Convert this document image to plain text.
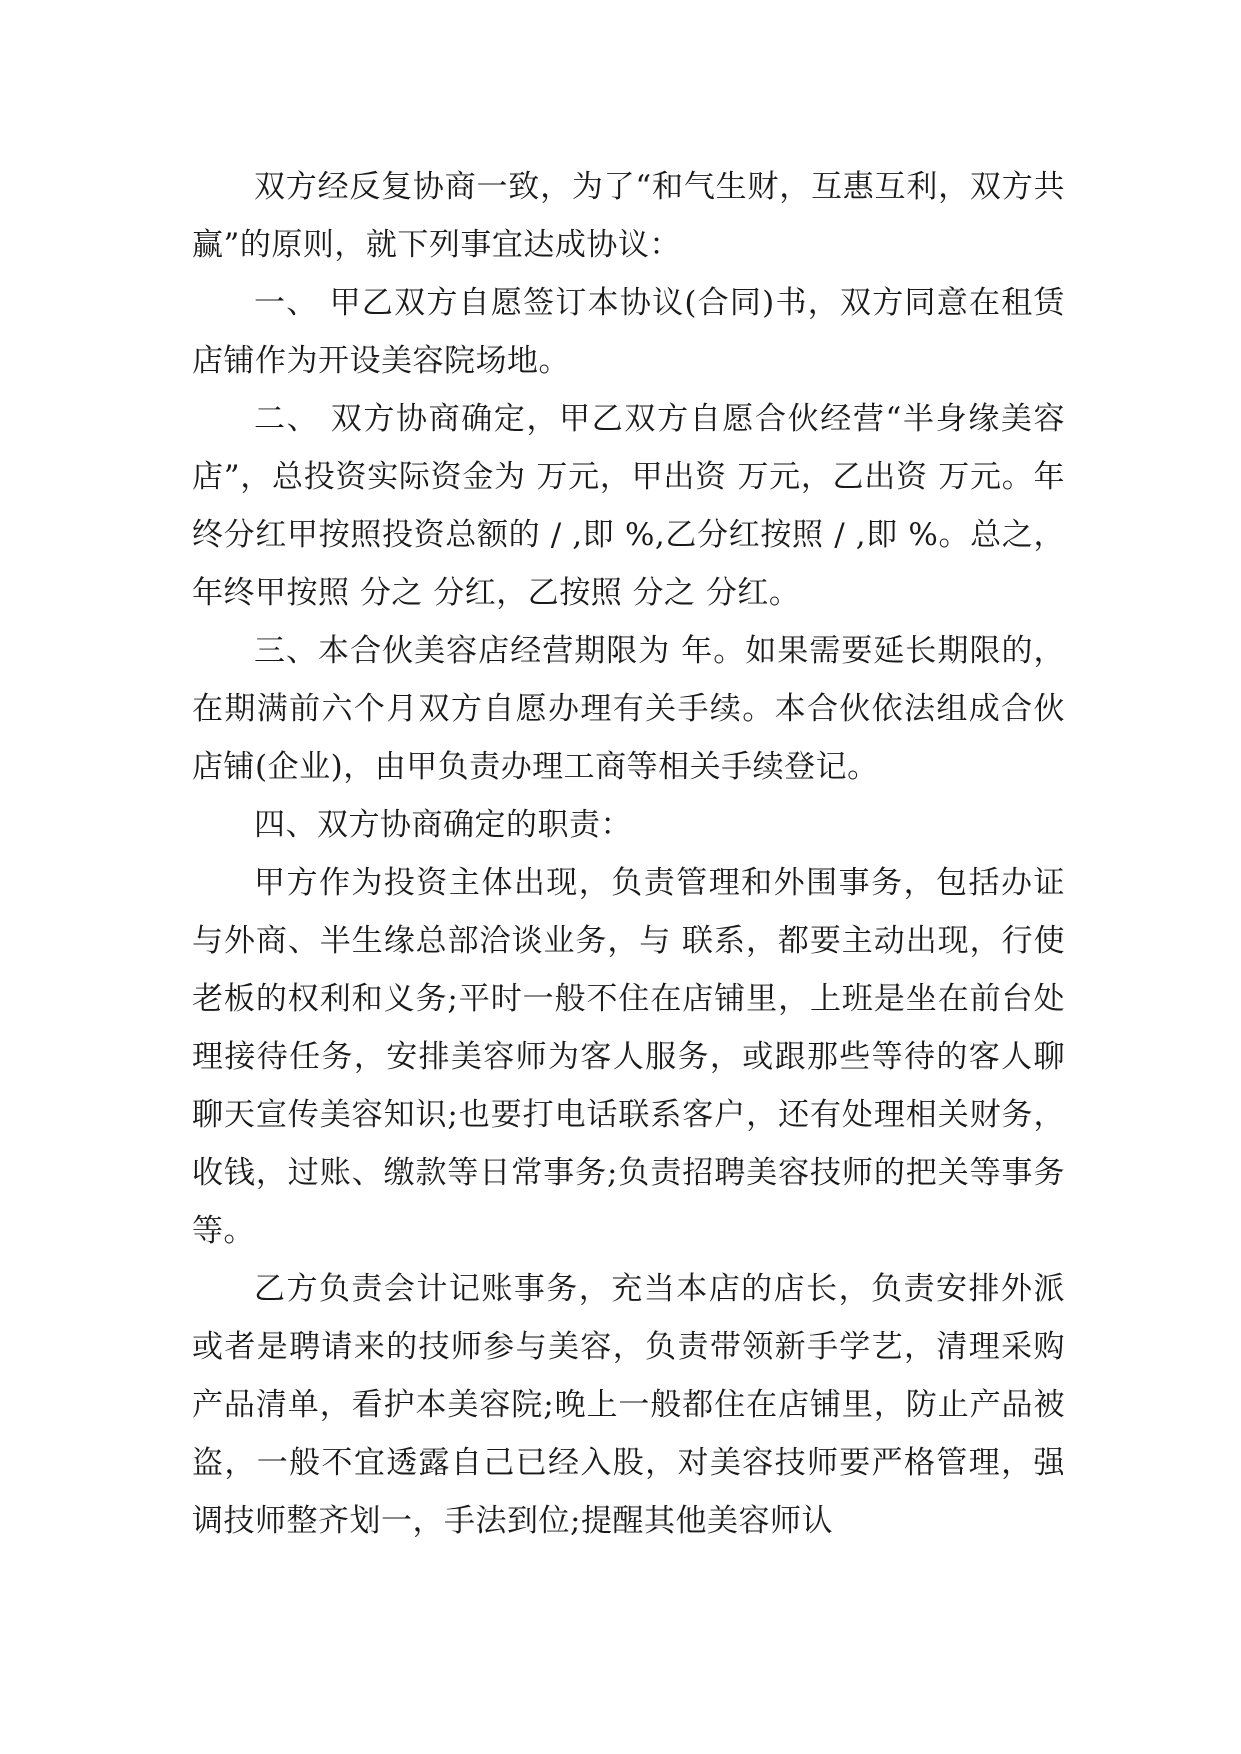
双方经反复协商一致，为了“和气生财，互惠互利，双方共赢”的原则，就下列事宜达成协议：

一、 甲乙双方自愿签订本协议(合同)书，双方同意在租赁店铺作为开设美容院场地。

二、 双方协商确定，甲乙双方自愿合伙经营“半身缘美容店”，总投资实际资金为 万元，甲出资 万元，乙出资 万元。年终分红甲按照投资总额的 / ,即 %,乙分红按照 / ,即 %。总之，年终甲按照 分之 分红，乙按照 分之 分红。

三、本合伙美容店经营期限为 年。如果需要延长期限的，在期满前六个月双方自愿办理有关手续。本合伙依法组成合伙店铺(企业)，由甲负责办理工商等相关手续登记。

四、双方协商确定的职责：

甲方作为投资主体出现，负责管理和外围事务，包括办证与外商、半生缘总部洽谈业务，与 联系，都要主动出现，行使老板的权利和义务;平时一般不住在店铺里，上班是坐在前台处理接待任务，安排美容师为客人服务，或跟那些等待的客人聊聊天宣传美容知识;也要打电话联系客户，还有处理相关财务，收钱，过账、缴款等日常事务;负责招聘美容技师的把关等事务等。

乙方负责会计记账事务，充当本店的店长，负责安排外派或者是聘请来的技师参与美容，负责带领新手学艺，清理采购产品清单，看护本美容院;晚上一般都住在店铺里，防止产品被盗，一般不宜透露自己已经入股，对美容技师要严格管理，强调技师整齐划一，手法到位;提醒其他美容师认
